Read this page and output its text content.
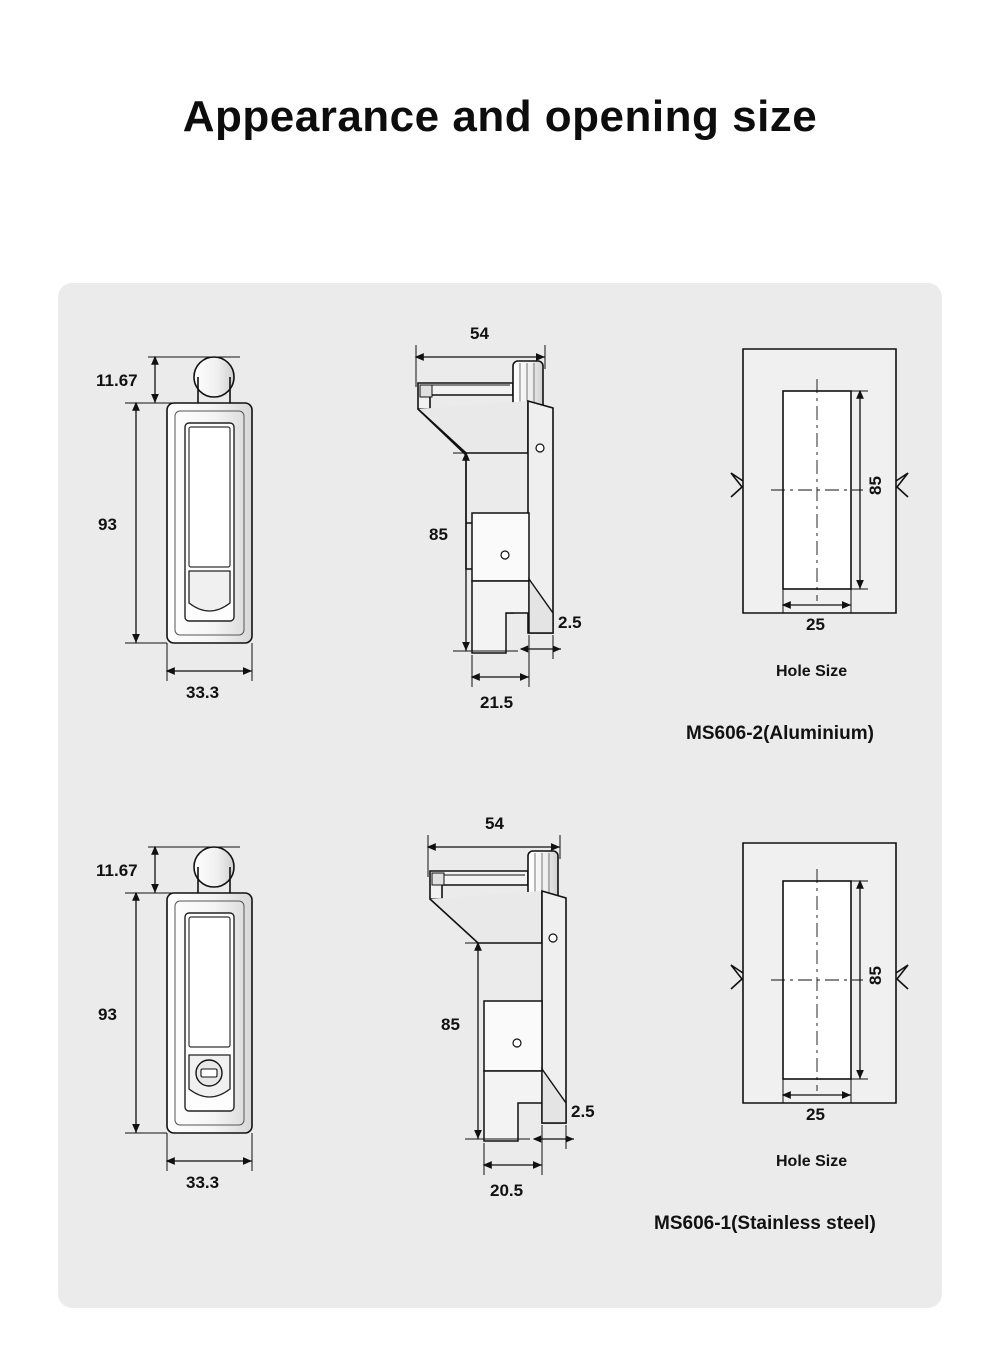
Appearance and opening size
11.67
93
33.3
54
85
21.5
2.5
85
25
11.67
93
33.3
54
85
20.5
2.5
85
25
Hole Size
MS606-2(Aluminium)
Hole Size
MS606-1(Stainless steel)
